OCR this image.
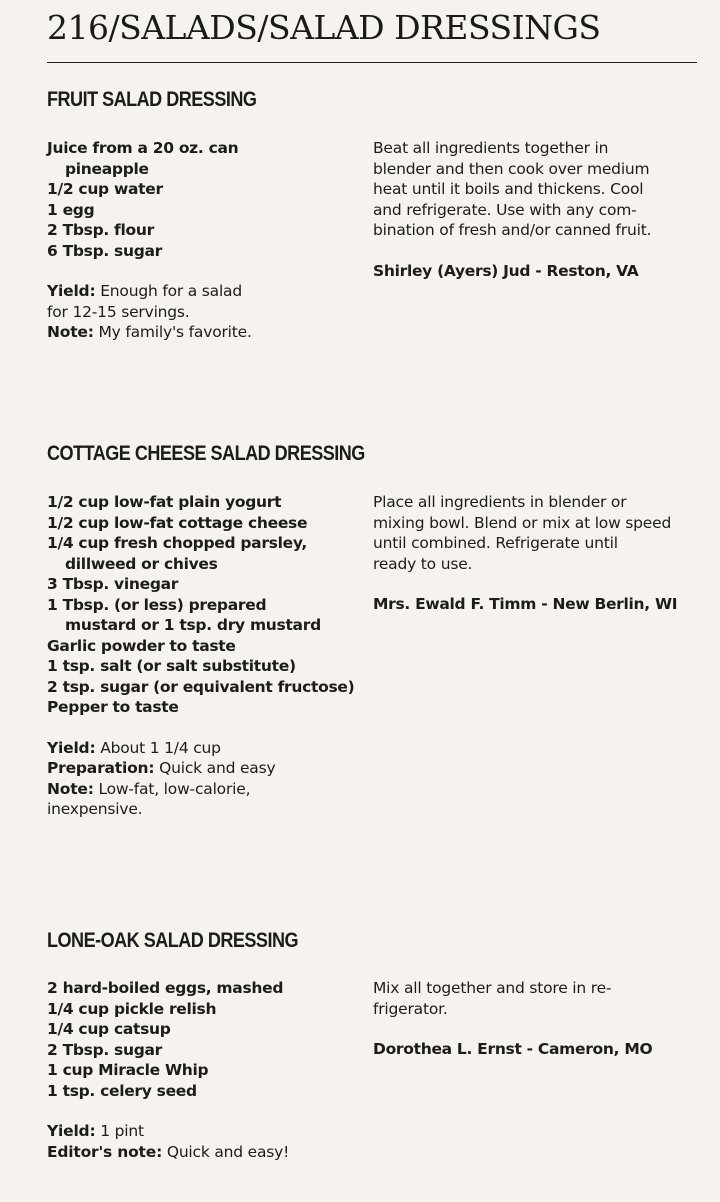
216/SALADS/SALAD DRESSINGS
FRUIT SALAD DRESSING
Juice from a 20 oz. can
pineapple
1/2 cup water
1 egg
2 Tbsp. flour
6 Tbsp. sugar
Yield: Enough for a salad
for 12-15 servings.
Note: My family's favorite.
Beat all ingredients together in
blender and then cook over medium
heat until it boils and thickens. Cool
and refrigerate. Use with any com-
bination of fresh and/or canned fruit.
Shirley (Ayers) Jud - Reston, VA
COTTAGE CHEESE SALAD DRESSING
1/2 cup low-fat plain yogurt
1/2 cup low-fat cottage cheese
1/4 cup fresh chopped parsley,
dillweed or chives
3 Tbsp. vinegar
1 Tbsp. (or less) prepared
mustard or 1 tsp. dry mustard
Garlic powder to taste
1 tsp. salt (or salt substitute)
2 tsp. sugar (or equivalent fructose)
Pepper to taste
Yield: About 1 1/4 cup
Preparation: Quick and easy
Note: Low-fat, low-calorie,
inexpensive.
Place all ingredients in blender or
mixing bowl. Blend or mix at low speed
until combined. Refrigerate until
ready to use.
Mrs. Ewald F. Timm - New Berlin, WI
LONE-OAK SALAD DRESSING
2 hard-boiled eggs, mashed
1/4 cup pickle relish
1/4 cup catsup
2 Tbsp. sugar
1 cup Miracle Whip
1 tsp. celery seed
Yield: 1 pint
Editor's note: Quick and easy!
Mix all together and store in re-
frigerator.
Dorothea L. Ernst - Cameron, MO
